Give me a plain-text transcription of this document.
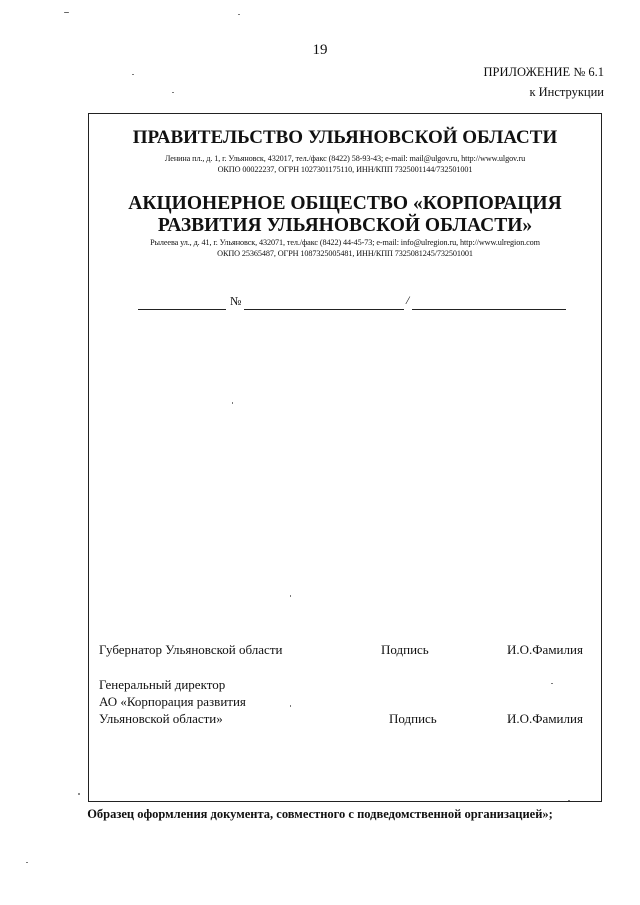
19
ПРИЛОЖЕНИЕ № 6.1
к Инструкции
ПРАВИТЕЛЬСТВО УЛЬЯНОВСКОЙ ОБЛАСТИ
Ленина пл., д. 1, г. Ульяновск, 432017, тел./факс (8422) 58-93-43; e-mail: mail@ulgov.ru, http://www.ulgov.ru
ОКПО 00022237, ОГРН 1027301175110, ИНН/КПП 7325001144/732501001
АКЦИОНЕРНОЕ ОБЩЕСТВО «КОРПОРАЦИЯ
РАЗВИТИЯ УЛЬЯНОВСКОЙ ОБЛАСТИ»
Рылеева ул., д. 41, г. Ульяновск, 432071, тел./факс (8422) 44-45-73; e-mail: info@ulregion.ru, http://www.ulregion.com
ОКПО 25365487, ОГРН 1087325005481, ИНН/КПП 7325081245/732501001
№	/
Губернатор Ульяновской области	Подпись	И.О.Фамилия
Генеральный директор
АО «Корпорация развития
Ульяновской области»	Подпись	И.О.Фамилия
Образец оформления документа, совместного с подведомственной организацией»;
